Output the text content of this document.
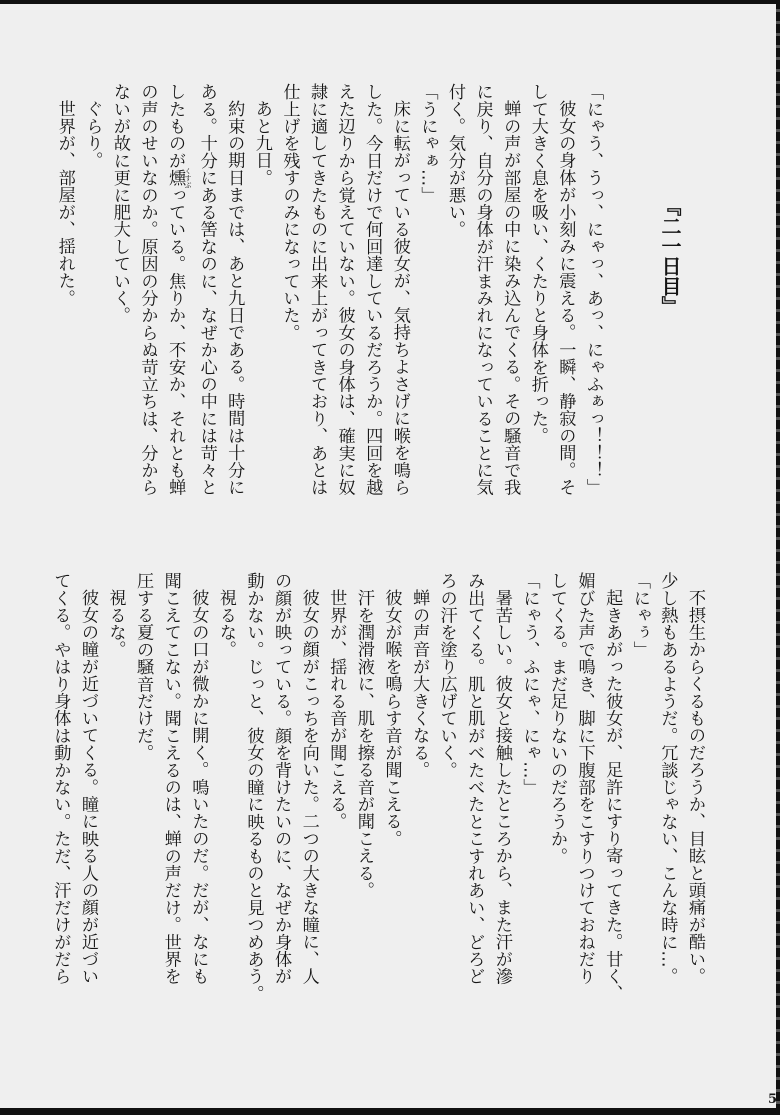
『二一日目』
「にゃう、うっ、にゃっ、あっ、にゃふぁっ！！！」
彼女の身体が小刻みに震える。一瞬、静寂の間。そ
して大きく息を吸い、くたりと身体を折った。
蝉の声が部屋の中に染み込んでくる。その騒音で我
に戻り、自分の身体が汗まみれになっていることに気
付く。気分が悪い。
「うにゃぁ…」
床に転がっている彼女が、気持ちよさげに喉を鳴ら
した。今日だけで何回達しているだろうか。四回を越
えた辺りから覚えていない。彼女の身体は、確実に奴
隷に適してきたものに出来上がってきており、あとは
仕上げを残すのみになっていた。
あと九日。
約束の期日までは、あと九日である。時間は十分に
ある。十分にある筈なのに、なぜか心の中には苛々と
したものが燻 くすぶっている。焦りか、不安か、それとも蝉
の声のせいなのか。原因の分からぬ苛立ちは、分から
ないが故に更に肥大していく。
ぐらり。
世界が、部屋が、揺れた。
不摂生からくるものだろうか、目眩と頭痛が酷い。
少し熱もあるようだ。冗談じゃない、こんな時に…。
「にゃぅ」
起きあがった彼女が、足許にすり寄ってきた。甘く、
媚びた声で鳴き、脚に下腹部をこすりつけておねだり
してくる。まだ足りないのだろうか。
「にゃう、ふにゃ、にゃ…」
暑苦しい。彼女と接触したところから、また汗が滲
み出てくる。肌と肌がべたべたとこすれあい、どろど
ろの汗を塗り広げていく。
蝉の声音が大きくなる。
彼女が喉を鳴らす音が聞こえる。
汗を潤滑液に、肌を擦る音が聞こえる。
世界が、揺れる音が聞こえる。
彼女の顔がこっちを向いた。二つの大きな瞳に、人
の顔が映っている。顔を背けたいのに、なぜか身体が
動かない。じっと、彼女の瞳に映るものと見つめあう。
視るな。
彼女の口が微かに開く。鳴いたのだ。だが、なにも
聞こえてこない。聞こえるのは、蝉の声だけ。世界を
圧する夏の騒音だけだ。
視るな。
彼女の瞳が近づいてくる。瞳に映る人の顔が近づい
てくる。やはり身体は動かない。ただ、汗だけがだら
5
